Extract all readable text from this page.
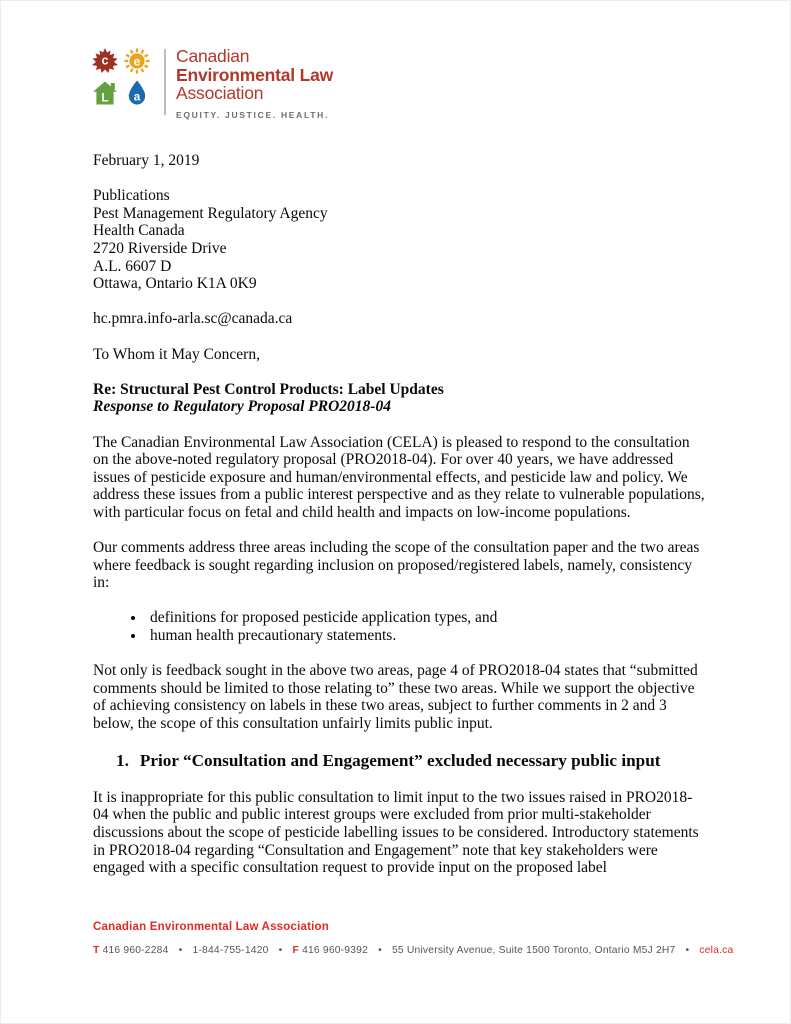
c e
L a
Canadian
Environmental Law
Association
EQUITY. JUSTICE. HEALTH.

February 1, 2019

Publications
Pest Management Regulatory Agency
Health Canada
2720 Riverside Drive
A.L. 6607 D
Ottawa, Ontario K1A 0K9

hc.pmra.info-arla.sc@canada.ca

To Whom it May Concern,

Re: Structural Pest Control Products: Label Updates
Response to Regulatory Proposal PRO2018-04

The Canadian Environmental Law Association (CELA) is pleased to respond to the consultation on the above-noted regulatory proposal (PRO2018-04). For over 40 years, we have addressed issues of pesticide exposure and human/environmental effects, and pesticide law and policy. We address these issues from a public interest perspective and as they relate to vulnerable populations, with particular focus on fetal and child health and impacts on low-income populations.

Our comments address three areas including the scope of the consultation paper and the two areas where feedback is sought regarding inclusion on proposed/registered labels, namely, consistency in:

• definitions for proposed pesticide application types, and
• human health precautionary statements.

Not only is feedback sought in the above two areas, page 4 of PRO2018-04 states that “submitted comments should be limited to those relating to” these two areas. While we support the objective of achieving consistency on labels in these two areas, subject to further comments in 2 and 3 below, the scope of this consultation unfairly limits public input.

1. Prior “Consultation and Engagement” excluded necessary public input

It is inappropriate for this public consultation to limit input to the two issues raised in PRO2018-04 when the public and public interest groups were excluded from prior multi-stakeholder discussions about the scope of pesticide labelling issues to be considered. Introductory statements in PRO2018-04 regarding “Consultation and Engagement” note that key stakeholders were engaged with a specific consultation request to provide input on the proposed label

Canadian Environmental Law Association
T 416 960-2284 • 1-844-755-1420 • F 416 960-9392 • 55 University Avenue, Suite 1500 Toronto, Ontario M5J 2H7 • cela.ca
